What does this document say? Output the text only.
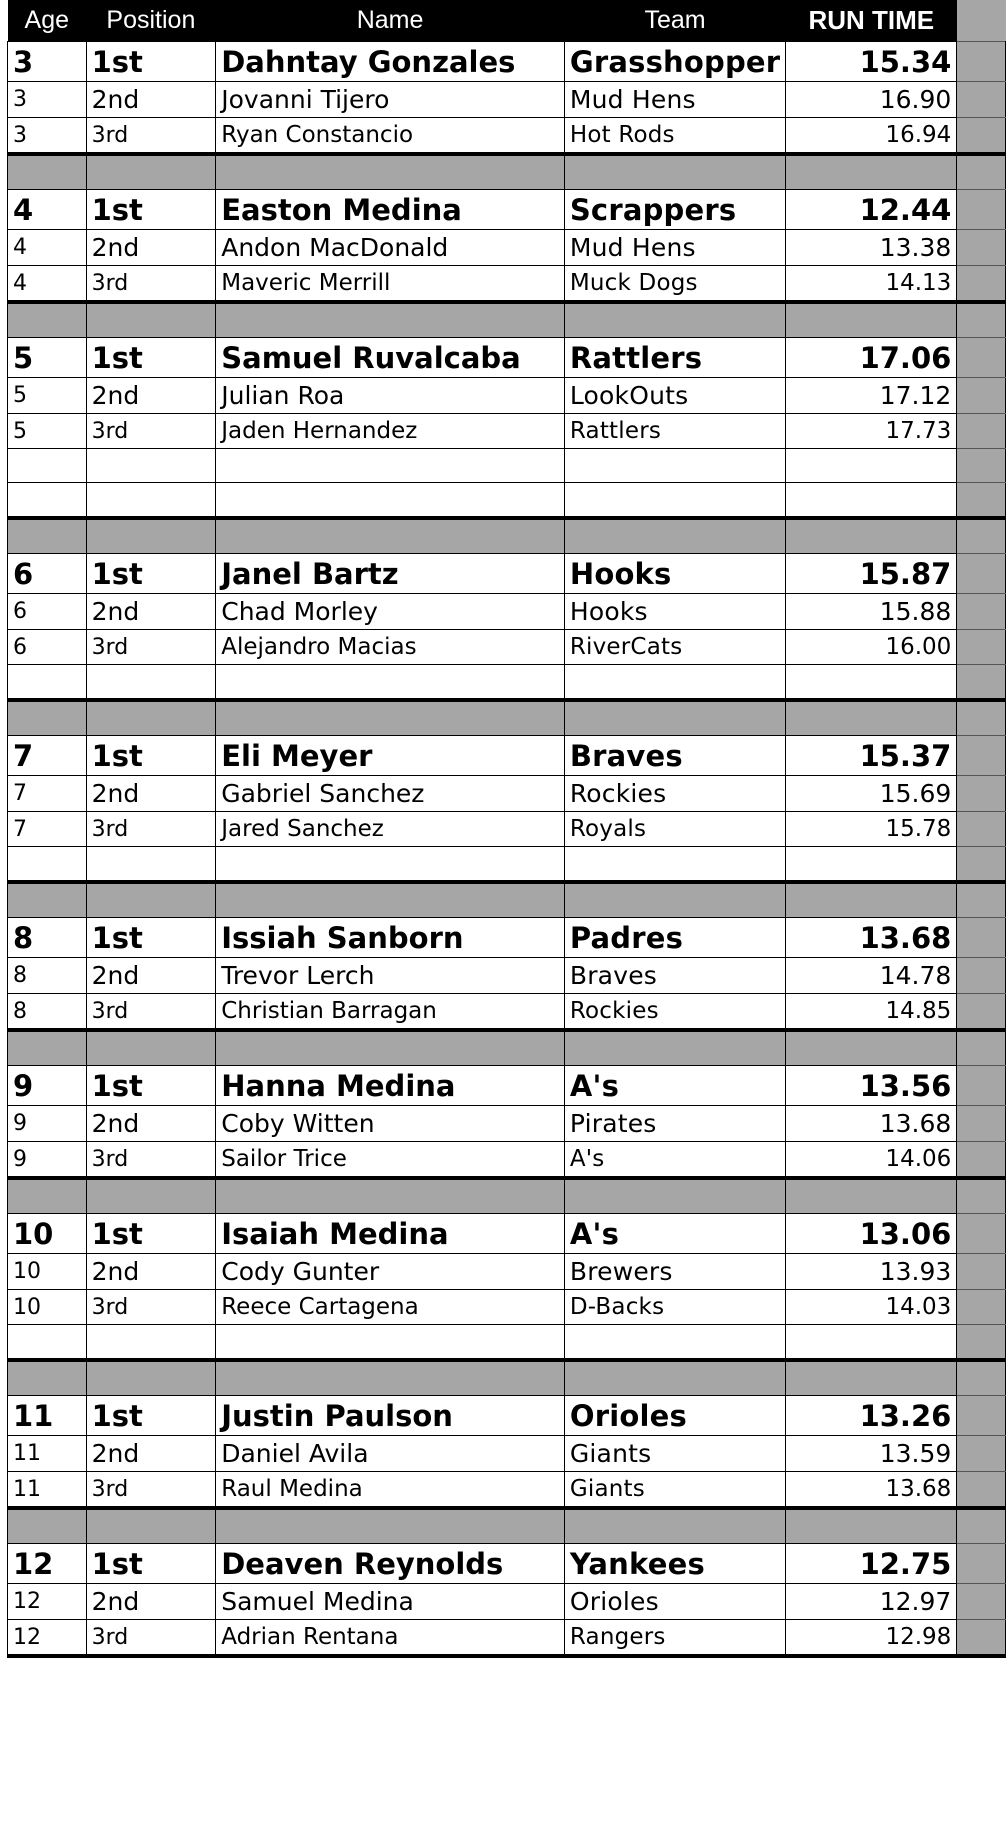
Age	Position	Name	Team	RUN TIME	
3	1st	Dahntay Gonzales	Grasshopper	15.34	
3	2nd	Jovanni Tijero	Mud Hens	16.90	
3	3rd	Ryan Constancio	Hot Rods	16.94	

4	1st	Easton Medina	Scrappers	12.44	
4	2nd	Andon MacDonald	Mud Hens	13.38	
4	3rd	Maveric Merrill	Muck Dogs	14.13	

5	1st	Samuel Ruvalcaba	Rattlers	17.06	
5	2nd	Julian Roa	LookOuts	17.12	
5	3rd	Jaden Hernandez	Rattlers	17.73	

6	1st	Janel Bartz	Hooks	15.87	
6	2nd	Chad Morley	Hooks	15.88	
6	3rd	Alejandro Macias	RiverCats	16.00	

7	1st	Eli Meyer	Braves	15.37	
7	2nd	Gabriel Sanchez	Rockies	15.69	
7	3rd	Jared Sanchez	Royals	15.78	

8	1st	Issiah Sanborn	Padres	13.68	
8	2nd	Trevor Lerch	Braves	14.78	
8	3rd	Christian Barragan	Rockies	14.85	

9	1st	Hanna Medina	A's	13.56	
9	2nd	Coby Witten	Pirates	13.68	
9	3rd	Sailor Trice	A's	14.06	

10	1st	Isaiah Medina	A's	13.06	
10	2nd	Cody Gunter	Brewers	13.93	
10	3rd	Reece Cartagena	D-Backs	14.03	

11	1st	Justin Paulson	Orioles	13.26	
11	2nd	Daniel Avila	Giants	13.59	
11	3rd	Raul Medina	Giants	13.68	

12	1st	Deaven Reynolds	Yankees	12.75	
12	2nd	Samuel Medina	Orioles	12.97	
12	3rd	Adrian Rentana	Rangers	12.98	
